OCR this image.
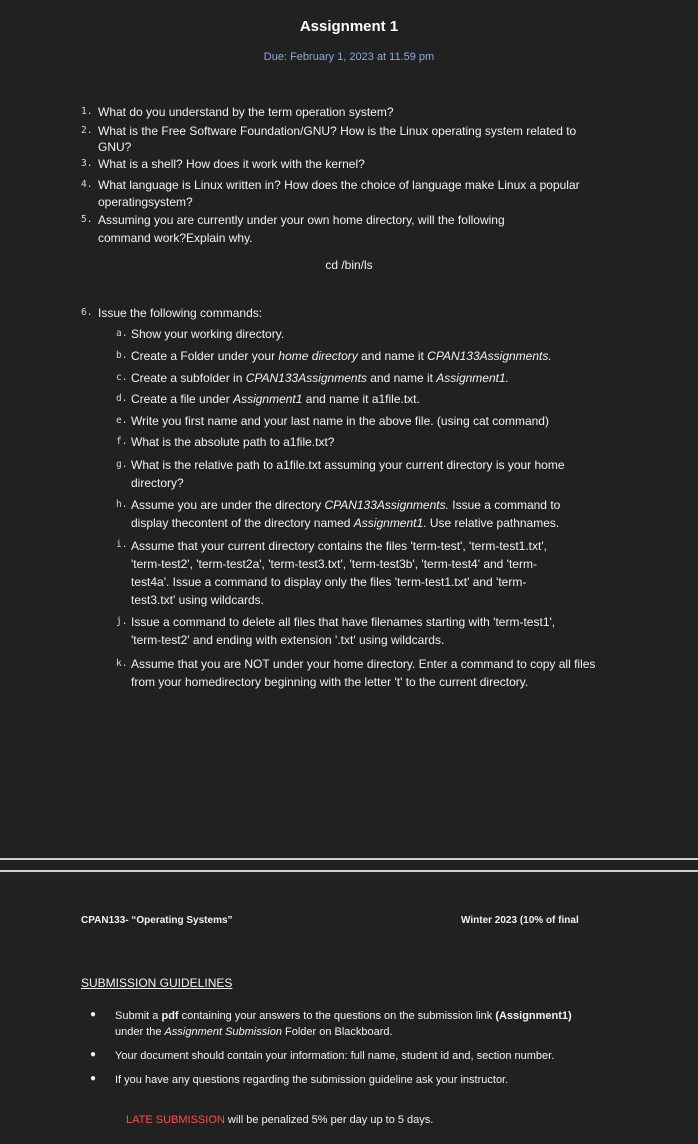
Assignment 1
Due: February 1, 2023 at 11.59 pm
1. What do you understand by the term operation system?
2. What is the Free Software Foundation/GNU? How is the Linux operating system related to
GNU?
3. What is a shell? How does it work with the kernel?
4. What language is Linux written in? How does the choice of language make Linux a popular
operatingsystem?
5. Assuming you are currently under your own home directory, will the following
command work?Explain why.
cd /bin/ls
6. Issue the following commands:
a. Show your working directory.
b. Create a Folder under your home directory and name it CPAN133Assignments.
c. Create a subfolder in CPAN133Assignments and name it Assignment1.
d. Create a file under Assignment1 and name it a1file.txt.
e. Write you first name and your last name in the above file. (using cat command)
f. What is the absolute path to a1file.txt?
g. What is the relative path to a1file.txt assuming your current directory is your home
directory?
h. Assume you are under the directory CPAN133Assignments. Issue a command to
display thecontent of the directory named Assignment1. Use relative pathnames.
i. Assume that your current directory contains the files 'term-test', 'term-test1.txt',
'term-test2', 'term-test2a', 'term-test3.txt', 'term-test3b', 'term-test4' and 'term-
test4a'. Issue a command to display only the files 'term-test1.txt' and 'term-
test3.txt' using wildcards.
j. Issue a command to delete all files that have filenames starting with 'term-test1',
'term-test2' and ending with extension '.txt' using wildcards.
k. Assume that you are NOT under your home directory. Enter a command to copy all files
from your homedirectory beginning with the letter 't' to the current directory.
CPAN133- “Operating Systems”	Winter 2023 (10% of final
SUBMISSION GUIDELINES
● Submit a pdf containing your answers to the questions on the submission link (Assignment1)
under the Assignment Submission Folder on Blackboard.
● Your document should contain your information: full name, student id and, section number.
● If you have any questions regarding the submission guideline ask your instructor.
LATE SUBMISSION will be penalized 5% per day up to 5 days.
